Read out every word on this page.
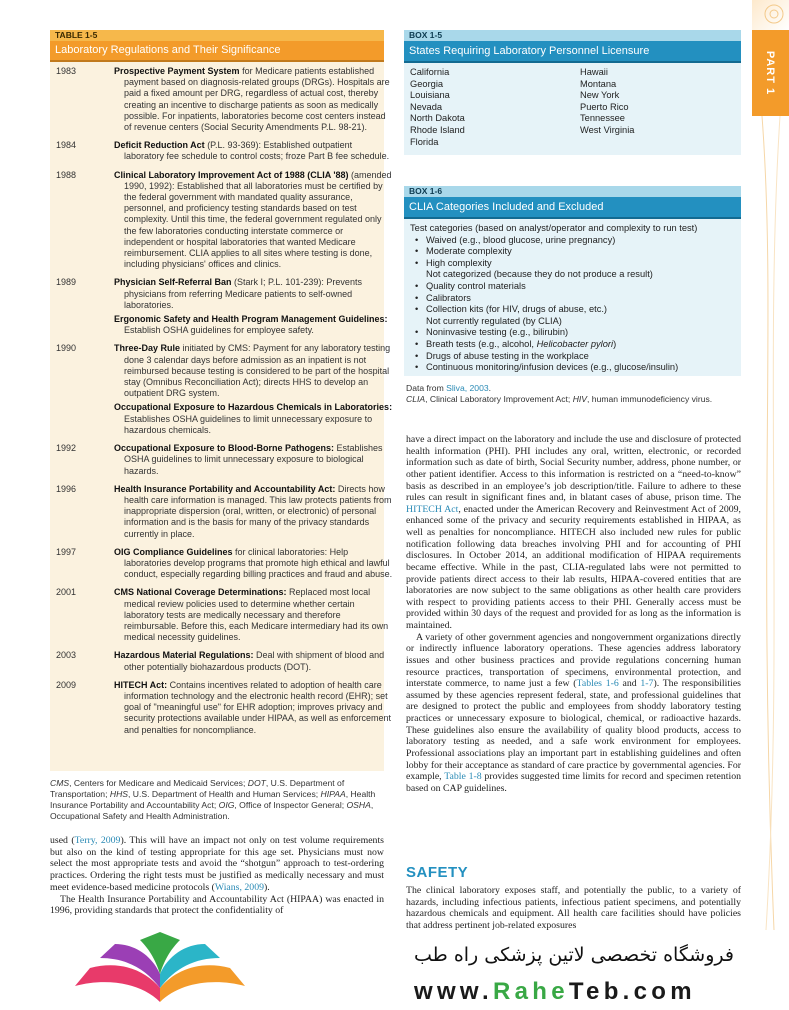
TABLE 1-5
Laboratory Regulations and Their Significance
1983	Prospective Payment System for Medicare patients established payment based on diagnosis-related groups (DRGs). Hospitals are paid a fixed amount per DRG, regardless of actual cost, thereby creating an incentive to discharge patients as soon as medically possible. For inpatients, laboratories become cost centers instead of revenue centers (Social Security Amendments P.L. 98-21).
1984	Deficit Reduction Act (P.L. 93-369): Established outpatient laboratory fee schedule to control costs; froze Part B fee schedule.
1988	Clinical Laboratory Improvement Act of 1988 (CLIA '88) (amended 1990, 1992): Established that all laboratories must be certified by the federal government with mandated quality assurance, personnel, and proficiency testing standards based on test complexity. Until this time, the federal government regulated only the few laboratories conducting interstate commerce or independent or hospital laboratories that wanted Medicare reimbursement. CLIA applies to all sites where testing is done, including physicians' offices and clinics.
1989	Physician Self-Referral Ban (Stark I; P.L. 101-239): Prevents physicians from referring Medicare patients to self-owned laboratories.
Ergonomic Safety and Health Program Management Guidelines: Establish OSHA guidelines for employee safety.
1990	Three-Day Rule initiated by CMS: Payment for any laboratory testing done 3 calendar days before admission as an inpatient is not reimbursed because testing is considered to be part of the hospital stay (Omnibus Reconciliation Act); directs HHS to develop an outpatient DRG system.
Occupational Exposure to Hazardous Chemicals in Laboratories: Establishes OSHA guidelines to limit unnecessary exposure to hazardous chemicals.
1992	Occupational Exposure to Blood-Borne Pathogens: Establishes OSHA guidelines to limit unnecessary exposure to biological hazards.
1996	Health Insurance Portability and Accountability Act: Directs how health care information is managed. This law protects patients from inappropriate dispersion (oral, written, or electronic) of personal information and is the basis for many of the privacy standards currently in place.
1997	OIG Compliance Guidelines for clinical laboratories: Help laboratories develop programs that promote high ethical and lawful conduct, especially regarding billing practices and fraud and abuse.
2001	CMS National Coverage Determinations: Replaced most local medical review policies used to determine whether certain laboratory tests are medically necessary and therefore reimbursable. Before this, each Medicare intermediary had its own medical necessity guidelines.
2003	Hazardous Material Regulations: Deal with shipment of blood and other potentially biohazardous products (DOT).
2009	HITECH Act: Contains incentives related to adoption of health care information technology and the electronic health record (EHR); set goal of "meaningful use" for EHR adoption; improves privacy and security protections available under HIPAA, as well as enforcement and penalties for noncompliance.
CMS, Centers for Medicare and Medicaid Services; DOT, U.S. Department of Transportation; HHS, U.S. Department of Health and Human Services; HIPAA, Health Insurance Portability and Accountability Act; OIG, Office of Inspector General; OSHA, Occupational Safety and Health Administration.

used (Terry, 2009). This will have an impact not only on test volume requirements but also on the kind of testing appropriate for this age set. Physicians must now select the most appropriate tests and avoid the “shotgun” approach to test-ordering practices. Ordering the right tests must be justified as medically necessary and must meet evidence-based medicine protocols (Wians, 2009).

The Health Insurance Portability and Accountability Act (HIPAA) was enacted in 1996, providing standards that protect the confidentiality of

BOX 1-5
States Requiring Laboratory Personnel Licensure
California
Georgia
Louisiana
Nevada
North Dakota
Rhode Island
Florida
Hawaii
Montana
New York
Puerto Rico
Tennessee
West Virginia
BOX 1-6
CLIA Categories Included and Excluded
Test categories (based on analyst/operator and complexity to run test)
• Waived (e.g., blood glucose, urine pregnancy)
• Moderate complexity
• High complexity
Not categorized (because they do not produce a result)
• Quality control materials
• Calibrators
• Collection kits (for HIV, drugs of abuse, etc.)
Not currently regulated (by CLIA)
• Noninvasive testing (e.g., bilirubin)
• Breath tests (e.g., alcohol, Helicobacter pylori)
• Drugs of abuse testing in the workplace
• Continuous monitoring/infusion devices (e.g., glucose/insulin)
Data from Sliva, 2003.
CLIA, Clinical Laboratory Improvement Act; HIV, human immunodeficiency virus.

have a direct impact on the laboratory and include the use and disclosure of protected health information (PHI). PHI includes any oral, written, electronic, or recorded information such as date of birth, Social Security number, address, phone number, or other patient identifier. Access to this information is restricted on a “need-to-know” basis as described in an employee’s job description/title. Failure to adhere to these rules can result in significant fines and, in blatant cases of abuse, prison time. The HITECH Act, enacted under the American Recovery and Reinvestment Act of 2009, enhanced some of the privacy and security requirements established in HIPAA, as well as penalties for noncompliance. HITECH also included new rules for public notification following data breaches involving PHI and for accounting of PHI disclosures. In October 2014, an additional modification of HIPAA requirements became effective. While in the past, CLIA-regulated labs were not permitted to provide patients direct access to their lab results, HIPAA-covered entities that are laboratories are now subject to the same obligations as other health care providers with respect to providing patients access to their PHI. Generally access must be provided within 30 days of the request and provided for as long as the information is maintained.

A variety of other government agencies and nongovernment organizations directly or indirectly influence laboratory operations. These agencies address laboratory issues and other business practices and provide regulations concerning human resource practices, transportation of specimens, environmental protection, and interstate commerce, to name just a few (Tables 1-6 and 1-7). The responsibilities assumed by these agencies represent federal, state, and professional guidelines that are designed to protect the public and employees from shoddy laboratory testing practices or unnecessary exposure to biological, chemical, or radioactive hazards. These guidelines also ensure the availability of quality blood products, access to laboratory testing as needed, and a safe work environment for employees. Professional associations play an important part in establishing guidelines and often lobby for their acceptance as standard of care practice by governmental agencies. For example, Table 1-8 provides suggested time limits for record and specimen retention based on CAP guidelines.

SAFETY

The clinical laboratory exposes staff, and potentially the public, to a variety of hazards, including infectious patients, infectious patient specimens, and potentially hazardous chemicals and equipment. All health care facilities should have policies that address pertinent job-related exposures

PART 1
فروشگاه تخصصی لاتین پزشکی راه طب
www.RaheTeb.com
